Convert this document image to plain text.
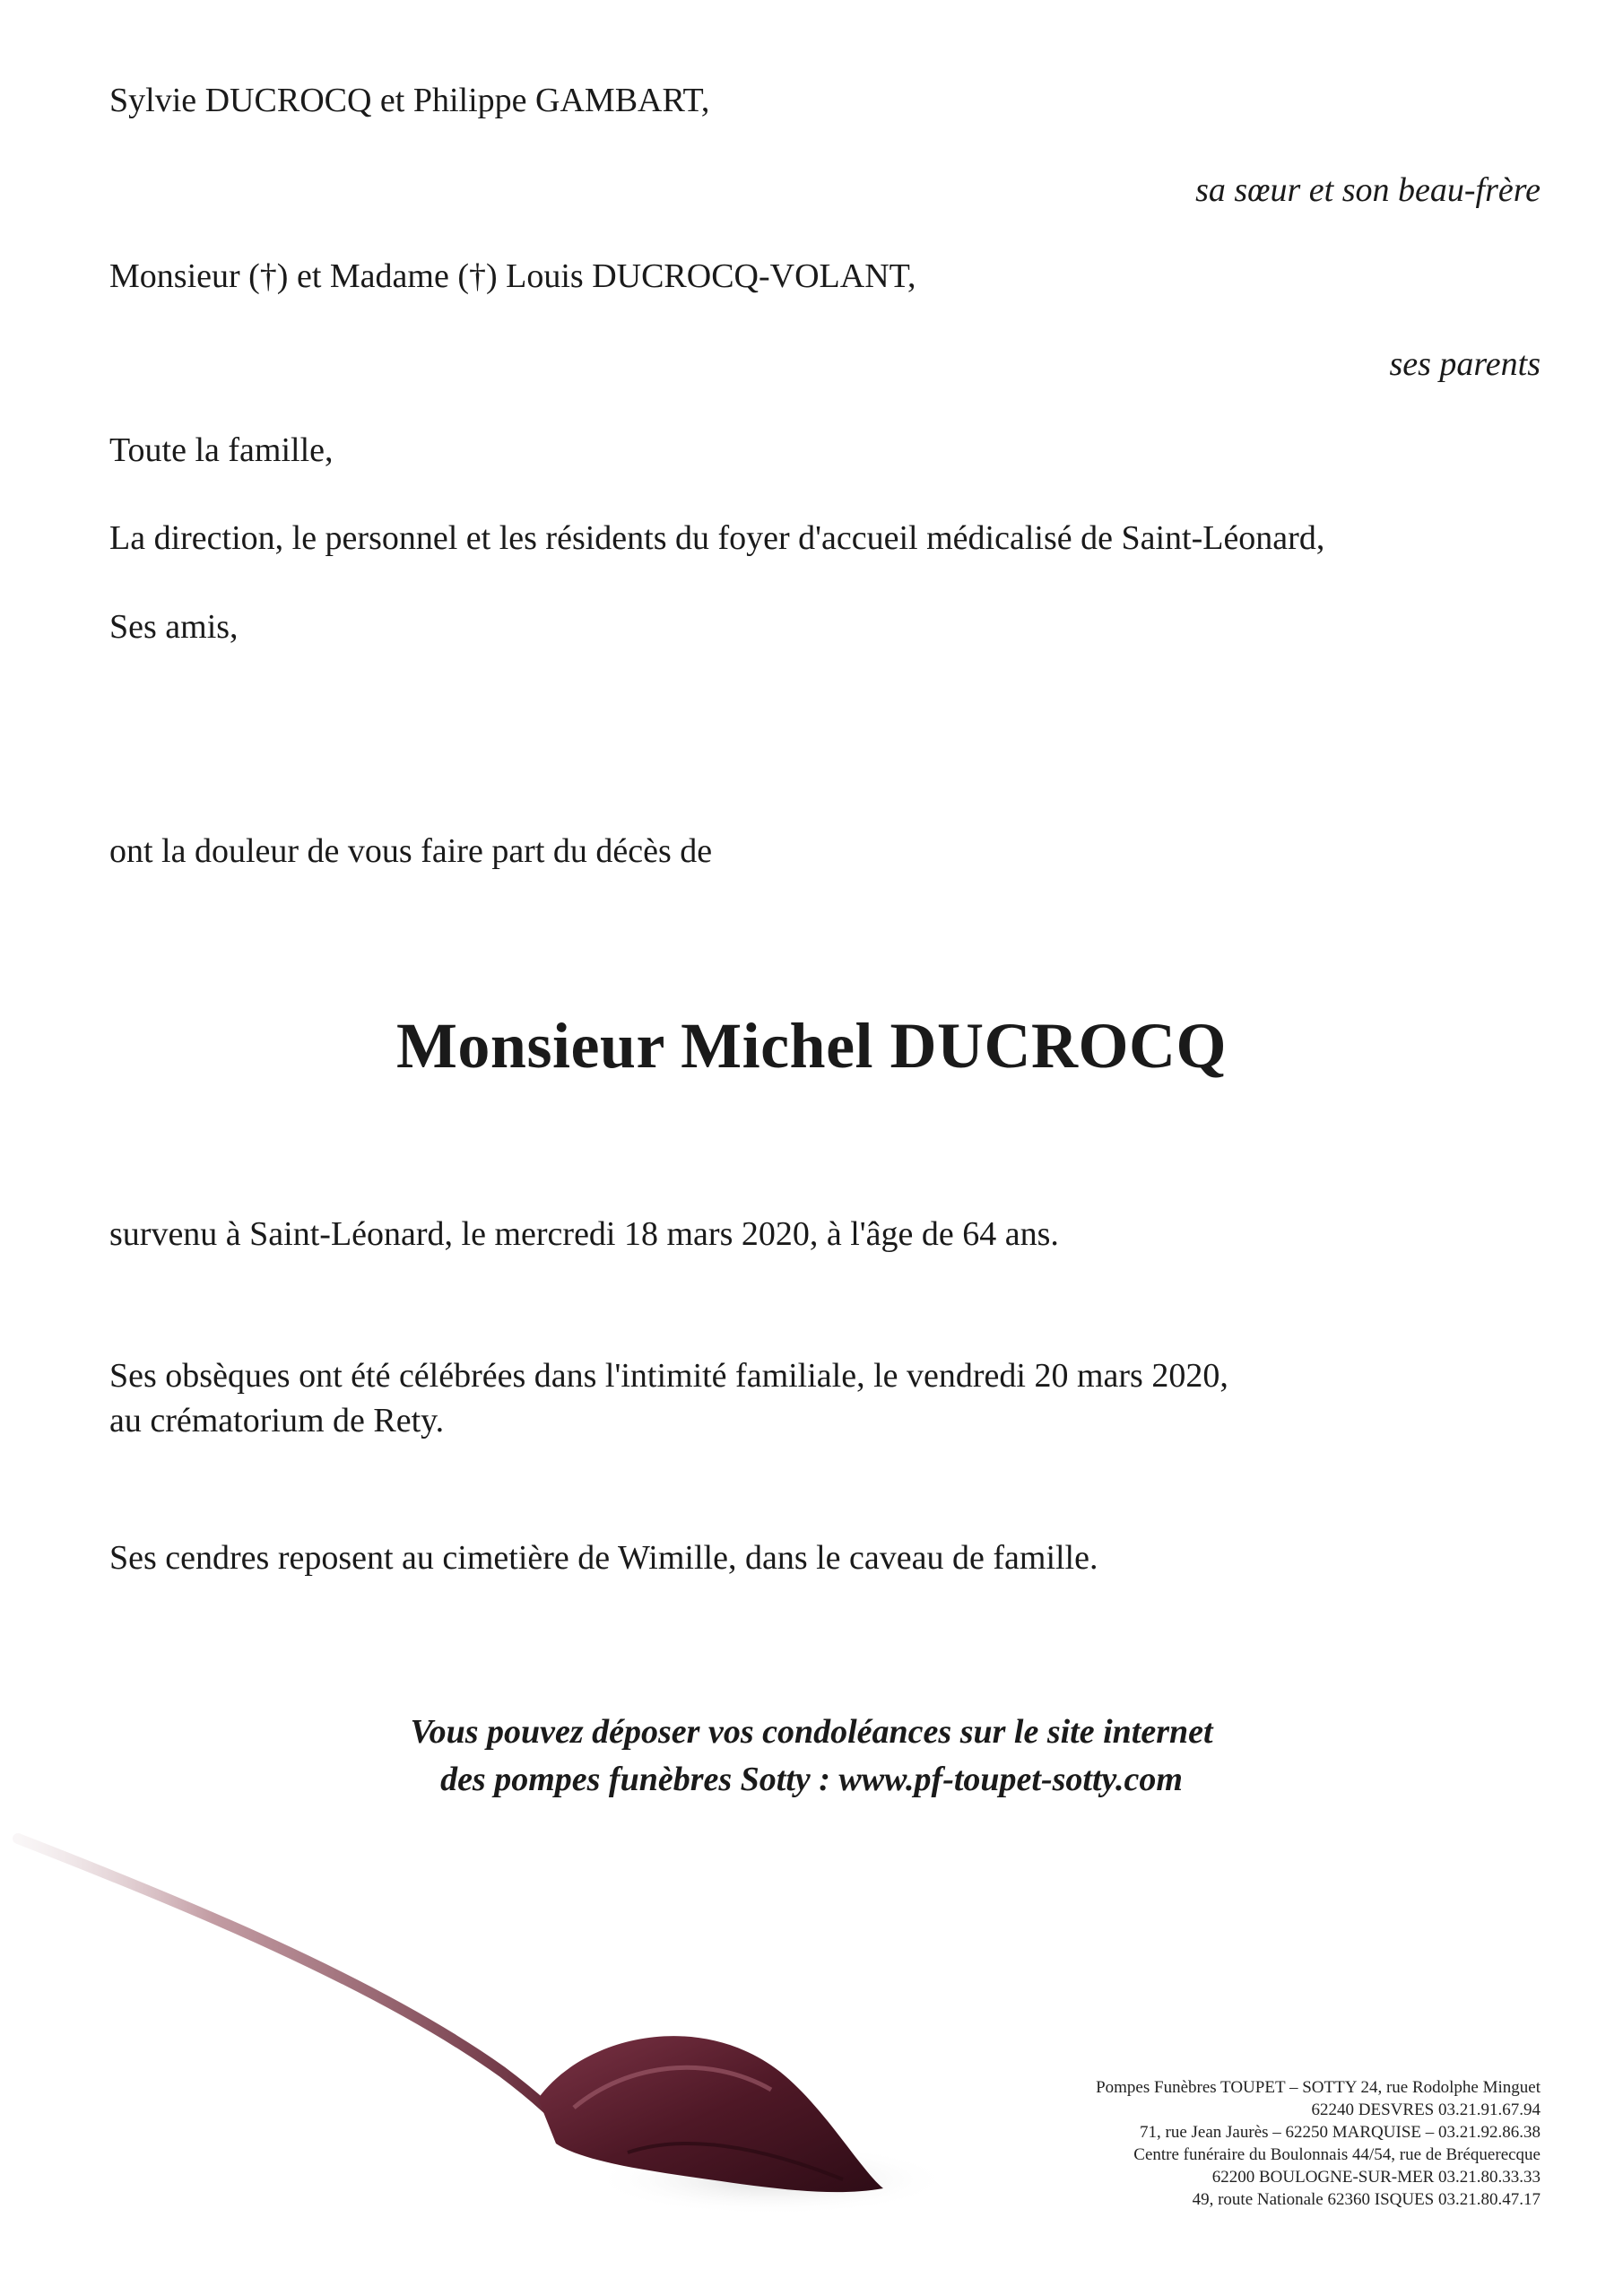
Sylvie DUCROCQ et Philippe GAMBART,
sa sœur et son beau-frère
Monsieur (†) et Madame (†) Louis DUCROCQ-VOLANT,
ses parents
Toute la famille,
La direction, le personnel et les résidents du foyer d'accueil médicalisé de Saint-Léonard,
Ses amis,
ont la douleur de vous faire part du décès de
Monsieur Michel DUCROCQ
survenu à Saint-Léonard, le mercredi 18 mars 2020, à l'âge de 64 ans.
Ses obsèques ont été célébrées dans l'intimité familiale, le vendredi 20 mars 2020,
au crématorium de Rety.
Ses cendres reposent au cimetière de Wimille, dans le caveau de famille.
Vous pouvez déposer vos condoléances sur le site internet
des pompes funèbres Sotty : www.pf-toupet-sotty.com
Pompes Funèbres TOUPET – SOTTY 24, rue Rodolphe Minguet
62240 DESVRES 03.21.91.67.94
71, rue Jean Jaurès – 62250 MARQUISE – 03.21.92.86.38
Centre funéraire du Boulonnais 44/54, rue de Bréquerecque
62200 BOULOGNE-SUR-MER 03.21.80.33.33
49, route Nationale 62360 ISQUES 03.21.80.47.17
